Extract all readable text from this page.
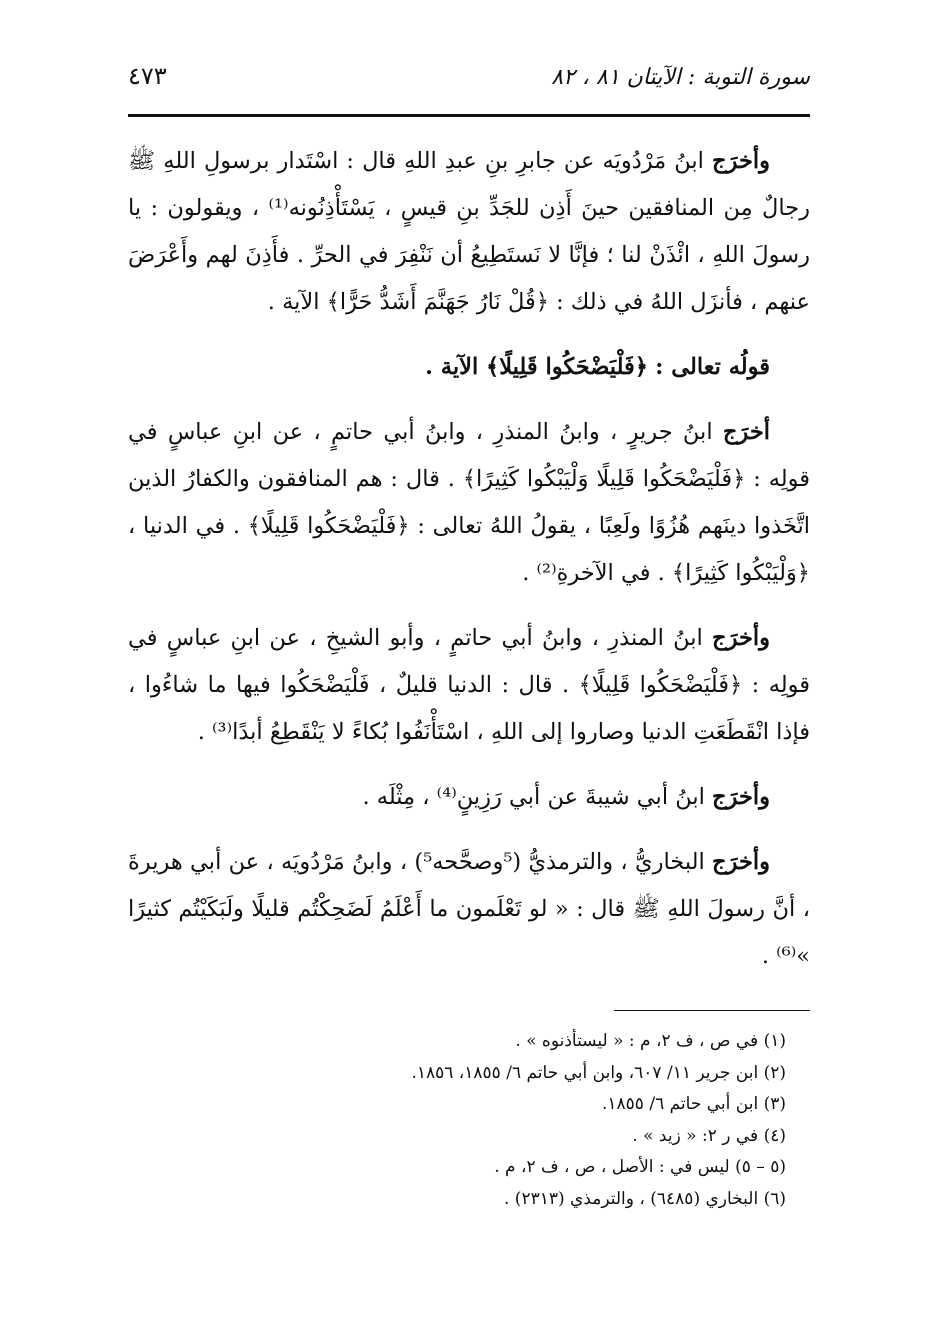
سورة التوبة : الآيتان ٨١ ، ٨٢
٤٧٣

وأخرَج ابنُ مَرْدُويَه عن جابرِ بنِ عبدِ اللهِ قال : اسْتَدار برسولِ اللهِ ﷺ رجالٌ مِن المنافقين حينَ أَذِن للجَدِّ بنِ قيسٍ ، يَسْتَأْذِنُونه⁽¹⁾ ، ويقولون : يا رسولَ اللهِ ، ائْذَنْ لنا ؛ فإنَّا لا نَستَطِيعُ أن نَنْفِرَ في الحرِّ . فأَذِنَ لهم وأَعْرَضَ عنهم ، فأنزَل اللهُ في ذلك : ﴿قُلْ نَارُ جَهَنَّمَ أَشَدُّ حَرًّا﴾ الآية .

قولُه تعالى : ﴿فَلْيَضْحَكُوا قَلِيلًا﴾ الآية .

أخرَج ابنُ جريرٍ ، وابنُ المنذرِ ، وابنُ أبي حاتمٍ ، عن ابنِ عباسٍ في قولِه : ﴿فَلْيَضْحَكُوا قَلِيلًا وَلْيَبْكُوا كَثِيرًا﴾ . قال : هم المنافقون والكفارُ الذين اتَّخَذوا دينَهم هُزُوًا ولَعِبًا ، يقولُ اللهُ تعالى : ﴿فَلْيَضْحَكُوا قَلِيلًا﴾ . في الدنيا ، ﴿وَلْيَبْكُوا كَثِيرًا﴾ . في الآخرةِ⁽²⁾ .

وأخرَج ابنُ المنذرِ ، وابنُ أبي حاتمٍ ، وأبو الشيخِ ، عن ابنِ عباسٍ في قولِه : ﴿فَلْيَضْحَكُوا قَلِيلًا﴾ . قال : الدنيا قليلٌ ، فَلْيَضْحَكُوا فيها ما شاءُوا ، فإذا انْقَطَعَتِ الدنيا وصاروا إلى اللهِ ، اسْتَأْنَفُوا بُكاءً لا يَنْقَطِعُ أبدًا⁽³⁾ .

وأخرَج ابنُ أبي شيبةَ عن أبي رَزِينٍ⁽⁴⁾ ، مِثْلَه .

وأخرَج البخاريُّ ، والترمذيُّ (⁵وصحَّحه⁵) ، وابنُ مَرْدُويَه ، عن أبي هريرةَ ، أنَّ رسولَ اللهِ ﷺ قال : « لو تَعْلَمون ما أَعْلَمُ لَضَحِكْتُم قليلًا ولَبَكَيْتُم كثيرًا »⁽⁶⁾ .

(١) في ص ، ف ٢، م : « ليستأذنوه » .
(٢) ابن جرير ١١/ ٦٠٧، وابن أبي حاتم ٦/ ١٨٥٥، ١٨٥٦.
(٣) ابن أبي حاتم ٦/ ١٨٥٥.
(٤) في ر ٢: « زيد » .
(٥ – ٥) ليس في : الأصل ، ص ، ف ٢، م .
(٦) البخاري (٦٤٨٥) ، والترمذي (٢٣١٣) .
